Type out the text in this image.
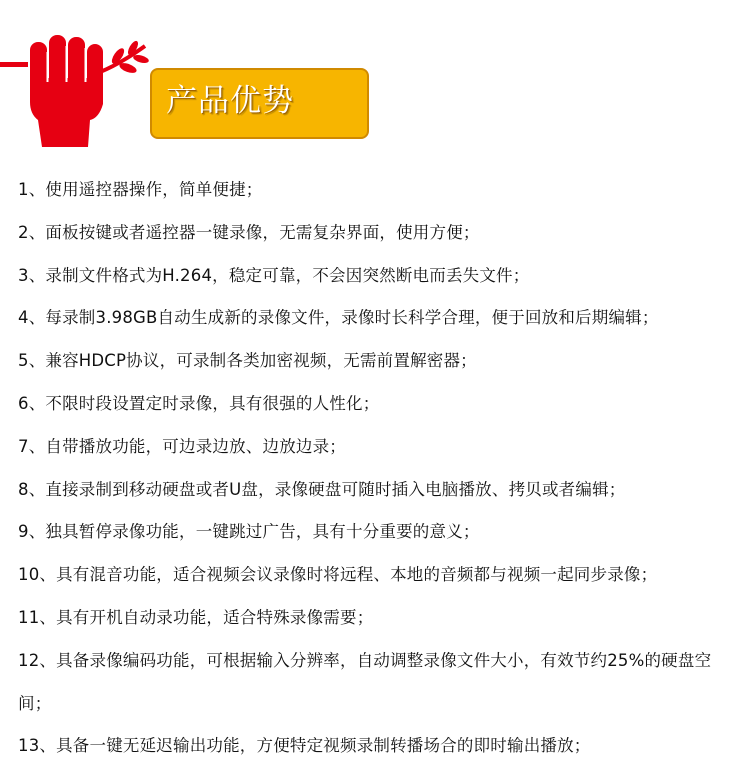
产品优势
1、使用遥控器操作，简单便捷；
2、面板按键或者遥控器一键录像，无需复杂界面，使用方便；
3、录制文件格式为H.264，稳定可靠，不会因突然断电而丢失文件；
4、每录制3.98GB自动生成新的录像文件，录像时长科学合理，便于回放和后期编辑；
5、兼容HDCP协议，可录制各类加密视频，无需前置解密器；
6、不限时段设置定时录像，具有很强的人性化；
7、自带播放功能，可边录边放、边放边录；
8、直接录制到移动硬盘或者U盘，录像硬盘可随时插入电脑播放、拷贝或者编辑；
9、独具暂停录像功能，一键跳过广告，具有十分重要的意义；
10、具有混音功能，适合视频会议录像时将远程、本地的音频都与视频一起同步录像；
11、具有开机自动录功能，适合特殊录像需要；
12、具备录像编码功能，可根据输入分辨率，自动调整录像文件大小，有效节约25%的硬盘空间；
13、具备一键无延迟输出功能，方便特定视频录制转播场合的即时输出播放；
